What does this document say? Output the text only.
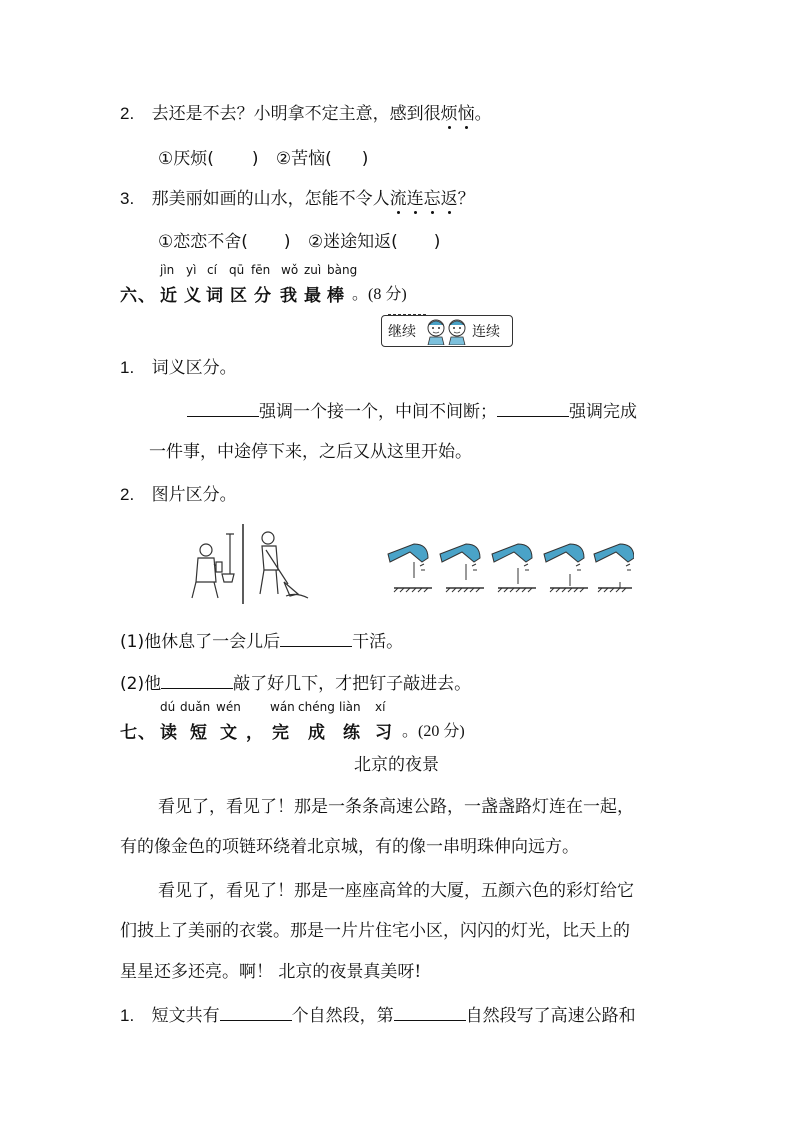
2. 去还是不去？小明拿不定主意，感到很烦恼。
①厌烦( ) ②苦恼( )
3. 那美丽如画的山水，怎能不令人流连忘返？
①恋恋不舍( ) ②迷途知返( )
jìn yì cí qū fēn wǒ zuì bàng
六 、 近 义 词 区 分 我 最 棒 。(8 分)
继续	连续
1. 词义区分。
强调一个接一个，中间不间断；	强调完成
一件事，中途停下来，之后又从这里开始。
2. 图片区分。
(1)他休息了一会儿后	干活。
(2)他	敲了好几下，才把钉子敲进去。
dú duǎn wén wán chéng liàn xí
七 、 读 短 文 ， 完 成 练 习 。(20 分)
北京的夜景
看见了，看见了！那是一条条高速公路，一盏盏路灯连在一起，
有的像金色的项链环绕着北京城，有的像一串明珠伸向远方。
看见了，看见了！那是一座座高耸的大厦，五颜六色的彩灯给它
们披上了美丽的衣裳。那是一片片住宅小区，闪闪的灯光，比天上的
星星还多还亮。啊！ 北京的夜景真美呀!
1. 短文共有	个自然段，第	自然段写了高速公路和
